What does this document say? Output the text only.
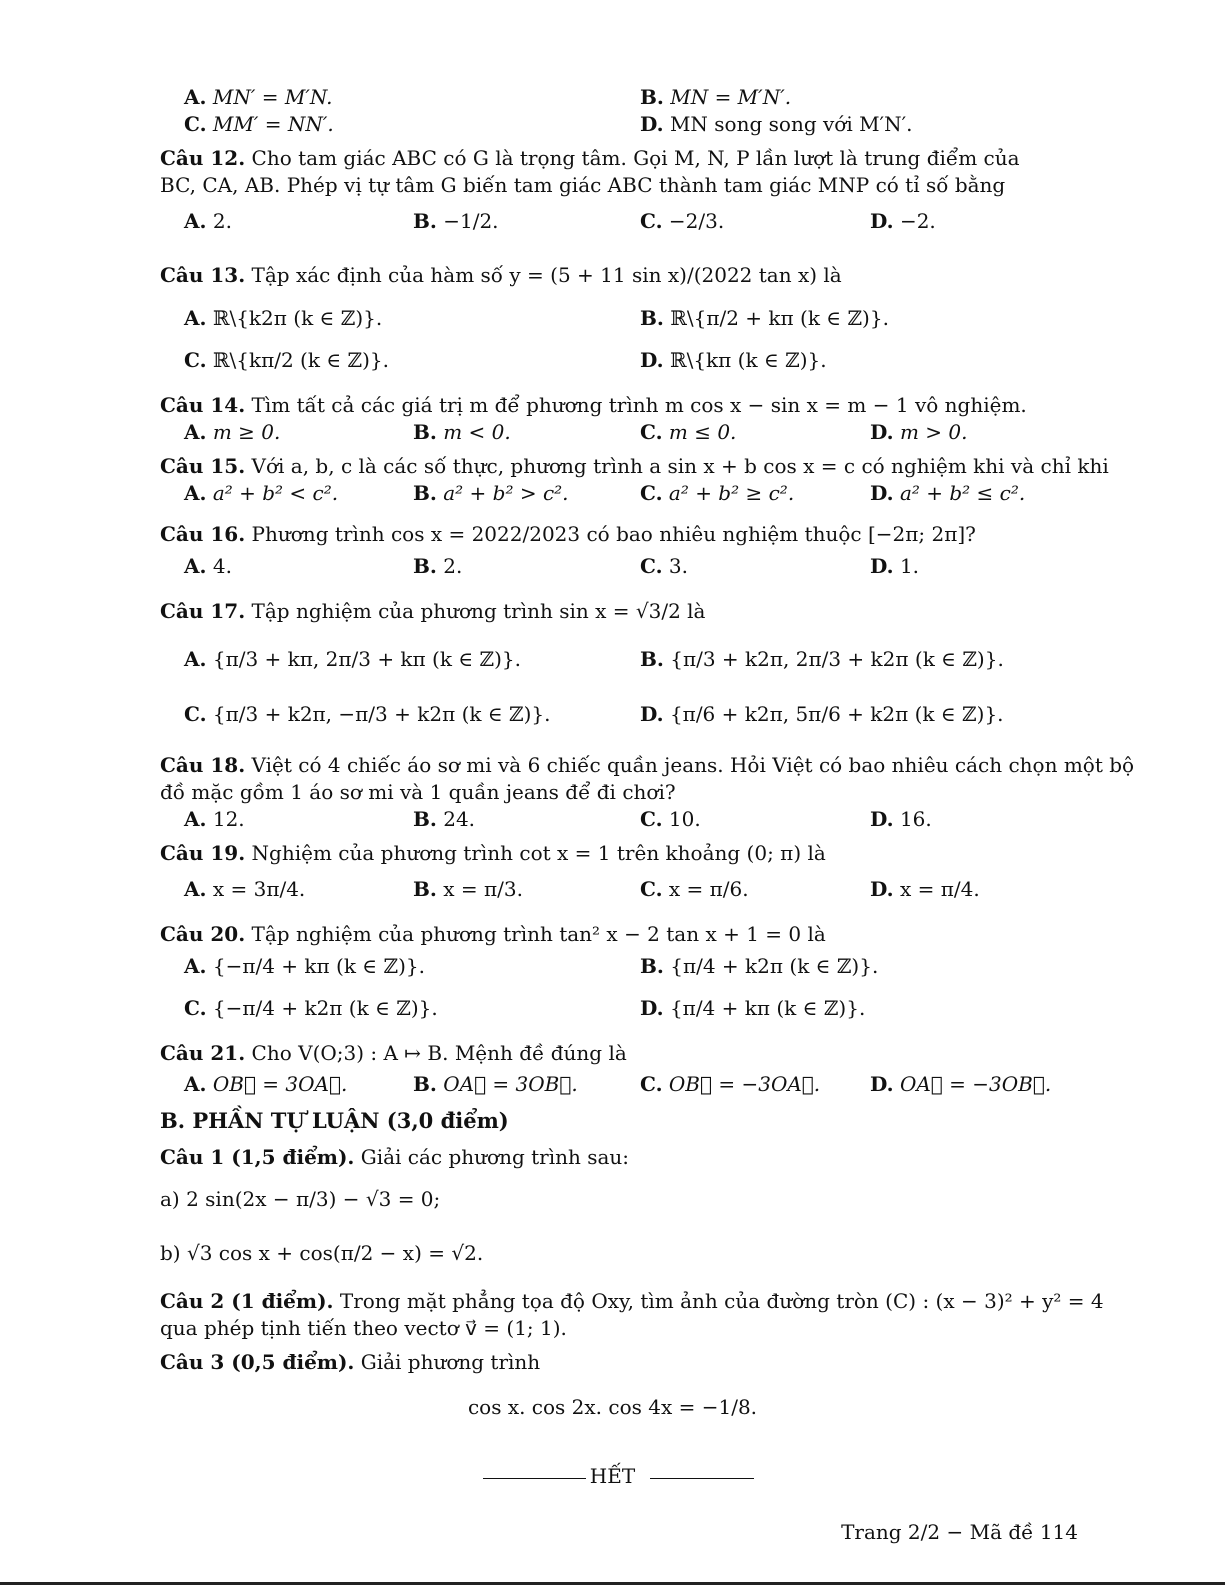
A. MN′ = M′N.	B. MN = M′N′.
C. MM′ = NN′.	D. MN song song với M′N′.
Câu 12. Cho tam giác ABC có G là trọng tâm. Gọi M, N, P lần lượt là trung điểm của
BC, CA, AB. Phép vị tự tâm G biến tam giác ABC thành tam giác MNP có tỉ số bằng
A. 2.	B. −1/2.	C. −2/3.	D. −2.
Câu 13. Tập xác định của hàm số y = (5 + 11 sin x)/(2022 tan x) là
A. ℝ\{k2π (k ∈ ℤ)}.	B. ℝ\{π/2 + kπ (k ∈ ℤ)}.
C. ℝ\{kπ/2 (k ∈ ℤ)}.	D. ℝ\{kπ (k ∈ ℤ)}.
Câu 14. Tìm tất cả các giá trị m để phương trình m cos x − sin x = m − 1 vô nghiệm.
A. m ≥ 0.	B. m < 0.	C. m ≤ 0.	D. m > 0.
Câu 15. Với a, b, c là các số thực, phương trình a sin x + b cos x = c có nghiệm khi và chỉ khi
A. a² + b² < c².	B. a² + b² > c².	C. a² + b² ≥ c².	D. a² + b² ≤ c².
Câu 16. Phương trình cos x = 2022/2023 có bao nhiêu nghiệm thuộc [−2π; 2π]?
A. 4.	B. 2.	C. 3.	D. 1.
Câu 17. Tập nghiệm của phương trình sin x = √3/2 là
A. {π/3 + kπ, 2π/3 + kπ (k ∈ ℤ)}.	B. {π/3 + k2π, 2π/3 + k2π (k ∈ ℤ)}.
C. {π/3 + k2π, −π/3 + k2π (k ∈ ℤ)}.	D. {π/6 + k2π, 5π/6 + k2π (k ∈ ℤ)}.
Câu 18. Việt có 4 chiếc áo sơ mi và 6 chiếc quần jeans. Hỏi Việt có bao nhiêu cách chọn một bộ
đồ mặc gồm 1 áo sơ mi và 1 quần jeans để đi chơi?
A. 12.	B. 24.	C. 10.	D. 16.
Câu 19. Nghiệm của phương trình cot x = 1 trên khoảng (0; π) là
A. x = 3π/4.	B. x = π/3.	C. x = π/6.	D. x = π/4.
Câu 20. Tập nghiệm của phương trình tan² x − 2 tan x + 1 = 0 là
A. {−π/4 + kπ (k ∈ ℤ)}.	B. {π/4 + k2π (k ∈ ℤ)}.
C. {−π/4 + k2π (k ∈ ℤ)}.	D. {π/4 + kπ (k ∈ ℤ)}.
Câu 21. Cho V(O;3) : A ↦ B. Mệnh đề đúng là
A. OB⃗ = 3OA⃗.	B. OA⃗ = 3OB⃗.	C. OB⃗ = −3OA⃗. D. OA⃗ = −3OB⃗.
B. PHẦN TỰ LUẬN (3,0 điểm)
Câu 1 (1,5 điểm). Giải các phương trình sau:
a) 2 sin(2x − π/3) − √3 = 0;
b) √3 cos x + cos(π/2 − x) = √2.
Câu 2 (1 điểm). Trong mặt phẳng tọa độ Oxy, tìm ảnh của đường tròn (C) : (x − 3)² + y² = 4
qua phép tịnh tiến theo vectơ v⃗ = (1; 1).
Câu 3 (0,5 điểm). Giải phương trình
cos x. cos 2x. cos 4x = −1/8.
HẾT
Trang 2/2 − Mã đề 114
